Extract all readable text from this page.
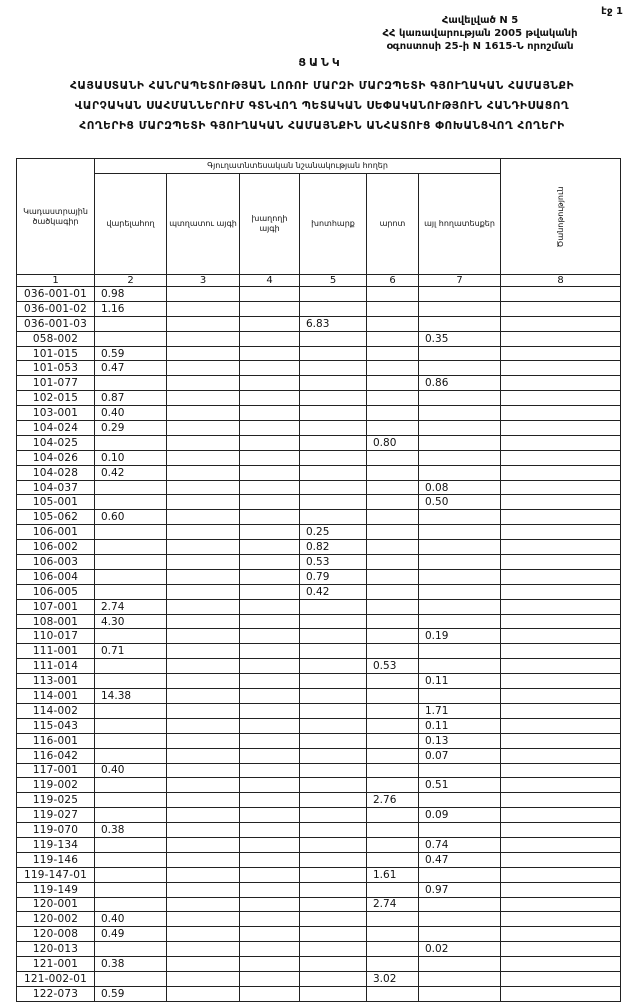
էջ 1
Հավելված N 5
ՀՀ կառավարության 2005 թվականի
օգոստոսի 25-ի N 1615-Ն որոշման
ՑԱՆԿ
ՀԱՅԱՍՏԱՆԻ ՀԱՆՐԱՊԵՏՈՒԹՅԱՆ ԼՈՌՈՒ ՄԱՐԶԻ ՄԱՐԶՊԵՏԻ ԳՅՈՒՂԱԿԱՆ ՀԱՄԱՅՆՔԻ
ՎԱՐՉԱԿԱՆ ՍԱՀՄԱՆՆԵՐՈՒՄ ԳՏՆՎՈՂ ՊԵՏԱԿԱՆ ՍԵՓԱԿԱՆՈՒԹՅՈՒՆ ՀԱՆԴԻՍԱՑՈՂ
ՀՈՂԵՐԻՑ ՄԱՐԶՊԵՏԻ ԳՅՈՒՂԱԿԱՆ ՀԱՄԱՅՆՔԻՆ ԱՆՀԱՏՈՒՑ ՓՈԽԱՆՑՎՈՂ ՀՈՂԵՐԻ
Կադաստրային ծածկագիր	Գյուղատնտեսական նշանակության հողեր						Ծանոթություն

	վարելահող	պտղատու այգի	խաղողի այգի	խոտհարք	արոտ	այլ հողատեսքեր	
1	2	3	4	5	6	7	8
036-001-01	0.98						
036-001-02	1.16						
036-001-03				6.83			
058-002						0.35	
101-015	0.59						
101-053	0.47						
101-077						0.86	
102-015	0.87						
103-001	0.40						
104-024	0.29						
104-025					0.80		
104-026	0.10						
104-028	0.42						
104-037						0.08	
105-001						0.50	
105-062	0.60						
106-001				0.25			
106-002				0.82			
106-003				0.53			
106-004				0.79			
106-005				0.42			
107-001	2.74						
108-001	4.30						
110-017						0.19	
111-001	0.71						
111-014					0.53		
113-001						0.11	
114-001	14.38						
114-002						1.71	
115-043						0.11	
116-001						0.13	
116-042						0.07	
117-001	0.40						
119-002						0.51	
119-025					2.76		
119-027						0.09	
119-070	0.38						
119-134						0.74	
119-146						0.47	
119-147-01					1.61		
119-149						0.97	
120-001					2.74		
120-002	0.40						
120-008	0.49						
120-013						0.02	
121-001	0.38						
121-002-01					3.02		
122-073	0.59						
